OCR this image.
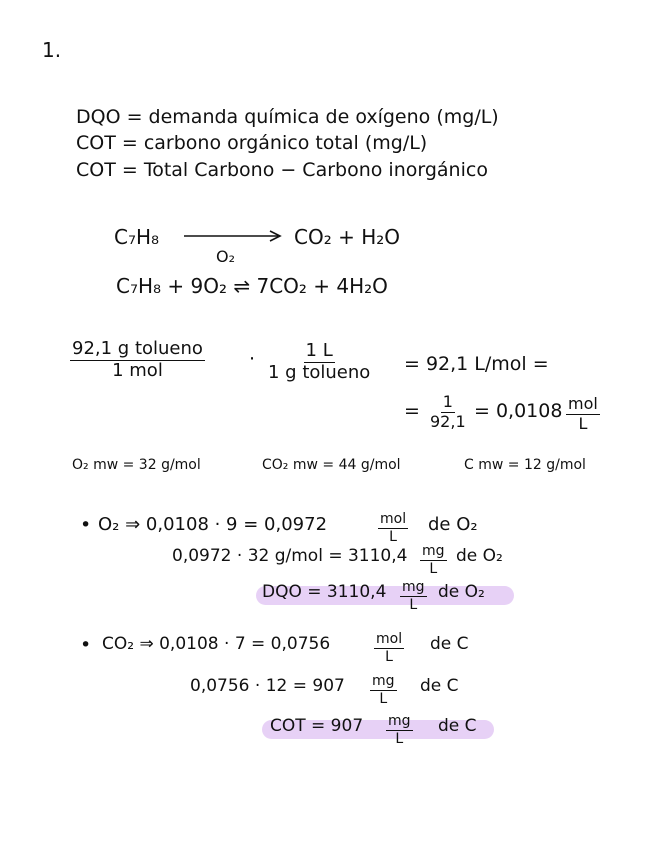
1.
DQO = demanda química de oxígeno (mg/L)
COT = carbono orgánico total (mg/L)
COT = Total Carbono − Carbono inorgánico
C₇H₈
O₂
CO₂ + H₂O
C₇H₈ + 9O₂ ⇌ 7CO₂ + 4H₂O
92,1 g tolueno
1 mol
·	1 L
1 g tolueno = 92,1 L/mol =
= $\frac{1}{92,1} = 0,0108$ mol
L
O₂ mw = 32 g/mol	CO₂ mw = 44 g/mol	C mw = 12 g/mol
• O₂ ⇒ 0,0108 · 9 = 0,0972	mol
L
de O₂
0,0972 · 32 $g/mol = 3110,4 \frac{mg}{L}$ de O₂
DQO = $3110,4 \frac{mg}{L}$ de O₂
• CO₂ ⇒ 0,0108 · 7 = 0,0756	mol
L
de C
$0,0756 \cdot 12 = 907 \frac{mg}{L}$ de C
COT = $907 \frac{mg}{L}$ de C
